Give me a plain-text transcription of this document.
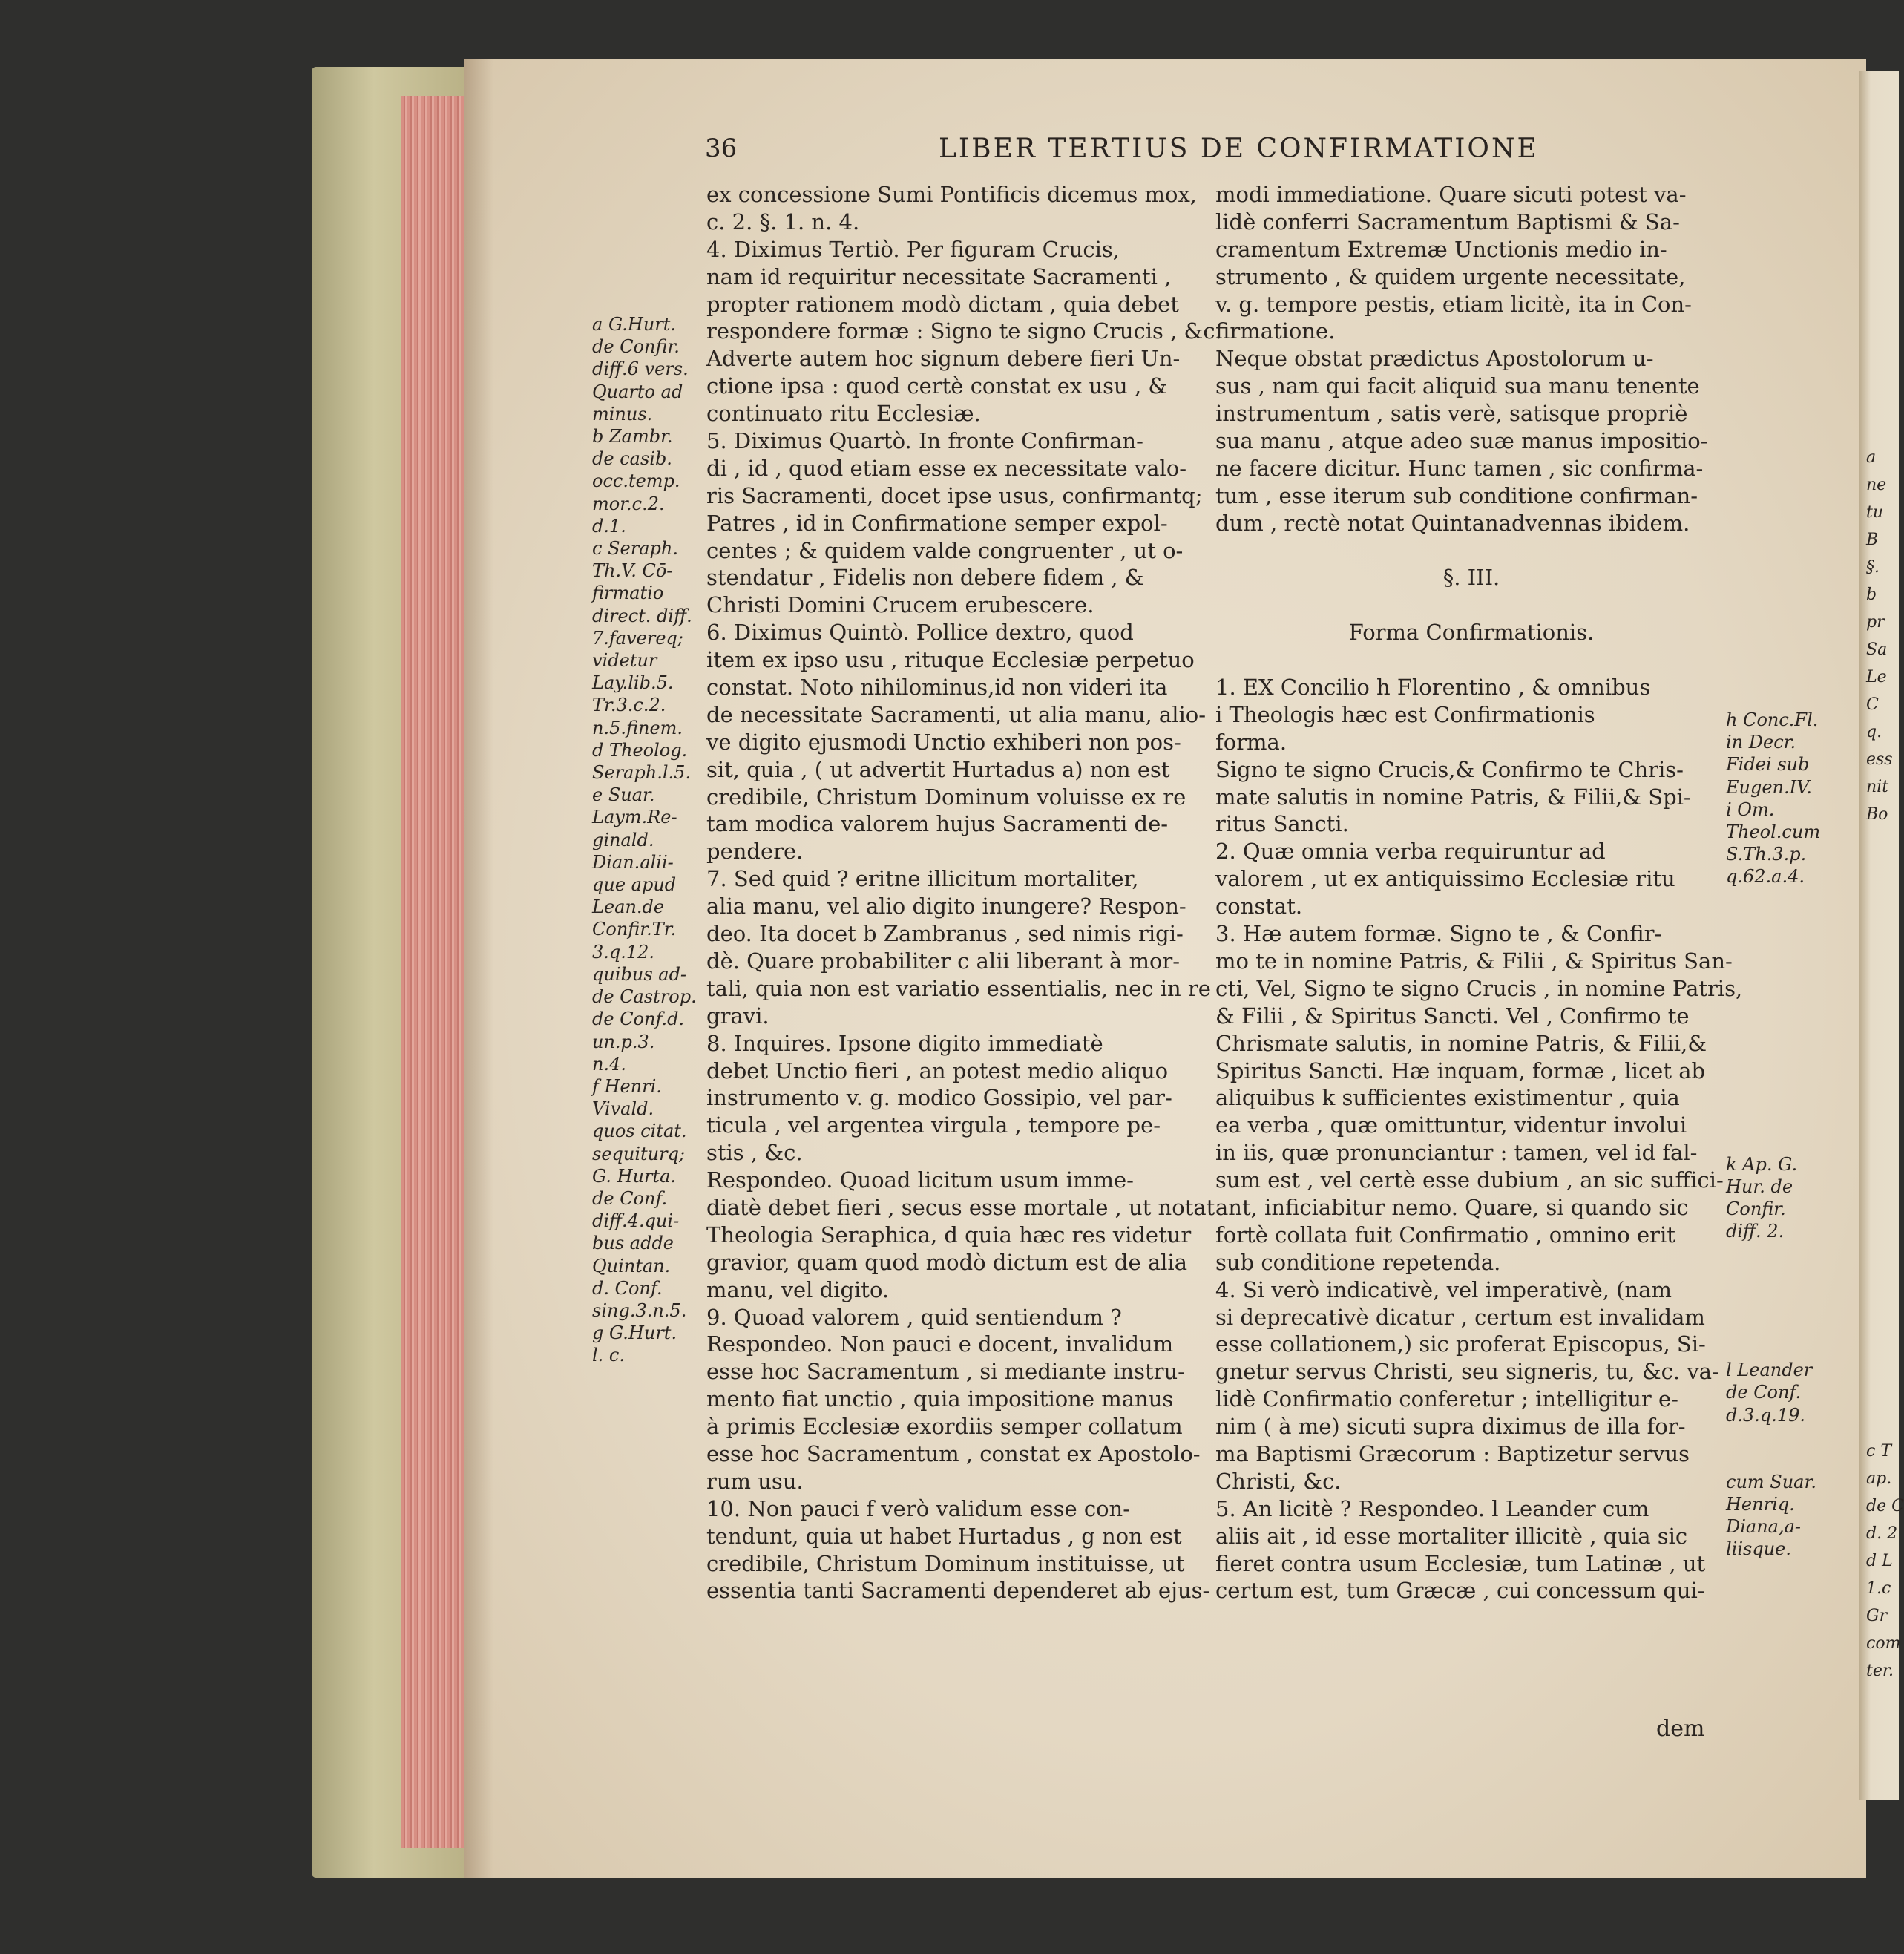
36	LIBER TERTIUS DE CONFIRMATIONE
ex concessione Sumi Pontificis dicemus mox,
c. 2. §. 1. n. 4.
4. Diximus Tertiò. Per figuram Crucis,
nam id requiritur necessitate Sacramenti ,
propter rationem modò dictam , quia debet
respondere formæ : Signo te signo Crucis , &c.
Adverte autem hoc signum debere fieri Un-
ctione ipsa : quod certè constat ex usu , &
continuato ritu Ecclesiæ.
5. Diximus Quartò. In fronte Confirman-
di , id , quod etiam esse ex necessitate valo-
ris Sacramenti, docet ipse usus, confirmantq;
Patres , id in Confirmatione semper expol-
centes ; & quidem valde congruenter , ut o-
stendatur , Fidelis non debere fidem , &
Christi Domini Crucem erubescere.
6. Diximus Quintò. Pollice dextro, quod
item ex ipso usu , rituque Ecclesiæ perpetuo
constat. Noto nihilominus,id non videri ita
de necessitate Sacramenti, ut alia manu, alio-
ve digito ejusmodi Unctio exhiberi non pos-
sit, quia , ( ut advertit Hurtadus a) non est
credibile, Christum Dominum voluisse ex re
tam modica valorem hujus Sacramenti de-
pendere.
7. Sed quid ? eritne illicitum mortaliter,
alia manu, vel alio digito inungere? Respon-
deo. Ita docet b Zambranus , sed nimis rigi-
dè. Quare probabiliter c alii liberant à mor-
tali, quia non est variatio essentialis, nec in re
gravi.
8. Inquires. Ipsone digito immediatè
debet Unctio fieri , an potest medio aliquo
instrumento v. g. modico Gossipio, vel par-
ticula , vel argentea virgula , tempore pe-
stis , &c.
Respondeo. Quoad licitum usum imme-
diatè debet fieri , secus esse mortale , ut notat
Theologia Seraphica, d quia hæc res videtur
gravior, quam quod modò dictum est de alia
manu, vel digito.
9. Quoad valorem , quid sentiendum ?
Respondeo. Non pauci e docent, invalidum
esse hoc Sacramentum , si mediante instru-
mento fiat unctio , quia impositione manus
à primis Ecclesiæ exordiis semper collatum
esse hoc Sacramentum , constat ex Apostolo-
rum usu.
10. Non pauci f verò validum esse con-
tendunt, quia ut habet Hurtadus , g non est
credibile, Christum Dominum instituisse, ut
essentia tanti Sacramenti dependeret ab ejus-
modi immediatione. Quare sicuti potest va-
lidè conferri Sacramentum Baptismi & Sa-
cramentum Extremæ Unctionis medio in-
strumento , & quidem urgente necessitate,
v. g. tempore pestis, etiam licitè, ita in Con-
firmatione.
Neque obstat prædictus Apostolorum u-
sus , nam qui facit aliquid sua manu tenente
instrumentum , satis verè, satisque propriè
sua manu , atque adeo suæ manus impositio-
ne facere dicitur. Hunc tamen , sic confirma-
tum , esse iterum sub conditione confirman-
dum , rectè notat Quintanadvennas ibidem.
§. III.
Forma Confirmationis.
1. EX Concilio h Florentino , & omnibus
i Theologis hæc est Confirmationis
forma.
Signo te signo Crucis,& Confirmo te Chris-
mate salutis in nomine Patris, & Filii,& Spi-
ritus Sancti.
2. Quæ omnia verba requiruntur ad
valorem , ut ex antiquissimo Ecclesiæ ritu
constat.
3. Hæ autem formæ. Signo te , & Confir-
mo te in nomine Patris, & Filii , & Spiritus San-
cti, Vel, Signo te signo Crucis , in nomine Patris,
& Filii , & Spiritus Sancti. Vel , Confirmo te
Chrismate salutis, in nomine Patris, & Filii,&
Spiritus Sancti. Hæ inquam, formæ , licet ab
aliquibus k sufficientes existimentur , quia
ea verba , quæ omittuntur, videntur involui
in iis, quæ pronunciantur : tamen, vel id fal-
sum est , vel certè esse dubium , an sic suffici-
ant, inficiabitur nemo. Quare, si quando sic
fortè collata fuit Confirmatio , omnino erit
sub conditione repetenda.
4. Si verò indicativè, vel imperativè, (nam
si deprecativè dicatur , certum est invalidam
esse collationem,) sic proferat Episcopus, Si-
gnetur servus Christi, seu signeris, tu, &c. va-
lidè Confirmatio conferetur ; intelligitur e-
nim ( à me) sicuti supra diximus de illa for-
ma Baptismi Græcorum : Baptizetur servus
Christi, &c.
5. An licitè ? Respondeo. l Leander cum
aliis ait , id esse mortaliter illicitè , quia sic
fieret contra usum Ecclesiæ, tum Latinæ , ut
certum est, tum Græcæ , cui concessum qui-
a G.Hurt.
de Confir.
diff.6 vers.
Quarto ad
minus.
b Zambr.
de casib.
occ.temp.
mor.c.2.
d.1.
c Seraph.
Th.V. Cō-
firmatio
direct. diff.
7.favereq;
videtur
Lay.lib.5.
Tr.3.c.2.
n.5.finem.
d Theolog.
Seraph.l.5.
e Suar.
Laym.Re-
ginald.
Dian.alii-
que apud
Lean.de
Confir.Tr.
3.q.12.
quibus ad-
de Castrop.
de Conf.d.
un.p.3.
n.4.
f Henri.
Vivald.
quos citat.
sequiturq;
G. Hurta.
de Conf.
diff.4.qui-
bus adde
Quintan.
d. Conf.
sing.3.n.5.
g G.Hurt.
l. c.
h Conc.Fl.
in Decr.
Fidei sub
Eugen.IV.
i Om.
Theol.cum
S.Th.3.p.
q.62.a.4.
k Ap. G.
Hur. de
Confir.
diff. 2.
l Leander
de Conf.
d.3.q.19.
cum Suar.
Henriq.
Diana,a-
liisque.
a
ne
tu
B
§.
b
pr
Sa
Le
C
q.
ess
nit
Bo
c T
ap.
de C
d. 2
d L
1.c
Gr
com
ter.
dem
